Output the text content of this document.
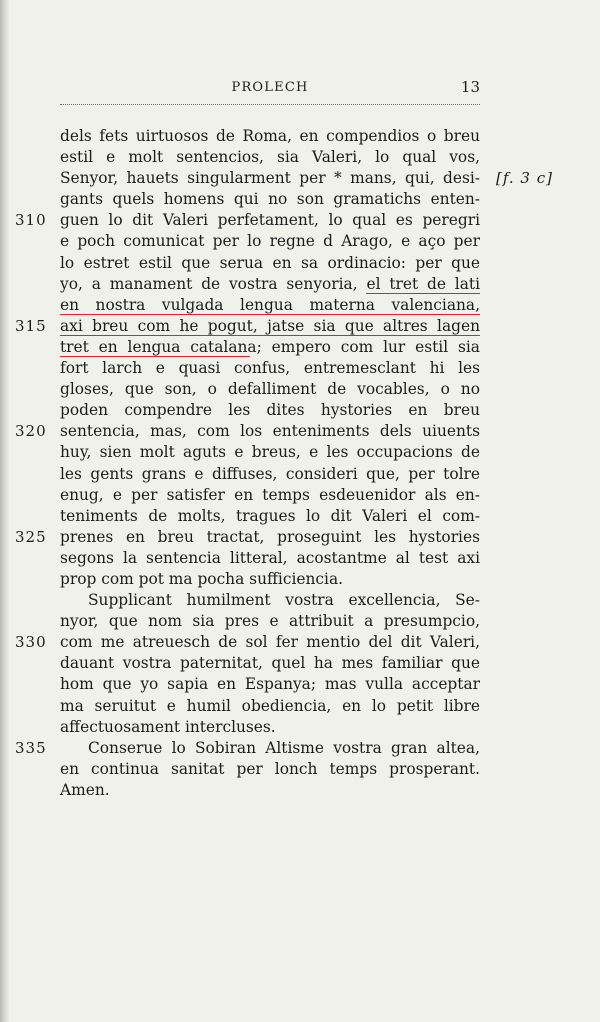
PROLECH	13
dels fets uirtuosos de Roma, en compendios o breu
estil e molt sentencios, sia Valeri, lo qual vos,
Senyor, hauets singularment per * mans, qui, desi- [f. 3 c]
gants quels homens qui no son gramatichs enten-
310 guen lo dit Valeri perfetament, lo qual es peregri
e poch comunicat per lo regne d Arago, e aço per
lo estret estil que serua en sa ordinacio: per que
yo, a manament de vostra senyoria, el tret de lati
en nostra vulgada lengua materna valenciana,
315 axi breu com he pogut, jatse sia que altres lagen
tret en lengua catalana; empero com lur estil sia
fort larch e quasi confus, entremesclant hi les
gloses, que son, o defalliment de vocables, o no
poden compendre les dites hystories en breu
320 sentencia, mas, com los enteniments dels uiuents
huy, sien molt aguts e breus, e les occupacions de
les gents grans e diffuses, consideri que, per tolre
enug, e per satisfer en temps esdeuenidor als en-
teniments de molts, tragues lo dit Valeri el com-
325 prenes en breu tractat, proseguint les hystories
segons la sentencia litteral, acostantme al test axi
prop com pot ma pocha sufficiencia.
Supplicant humilment vostra excellencia, Se-
nyor, que nom sia pres e attribuit a presumpcio,
330 com me atreuesch de sol fer mentio del dit Valeri,
dauant vostra paternitat, quel ha mes familiar que
hom que yo sapia en Espanya; mas vulla acceptar
ma seruitut e humil obediencia, en lo petit libre
affectuosament intercluses.
335	Conserue lo Sobiran Altisme vostra gran altea,
en continua sanitat per lonch temps prosperant.
Amen.
